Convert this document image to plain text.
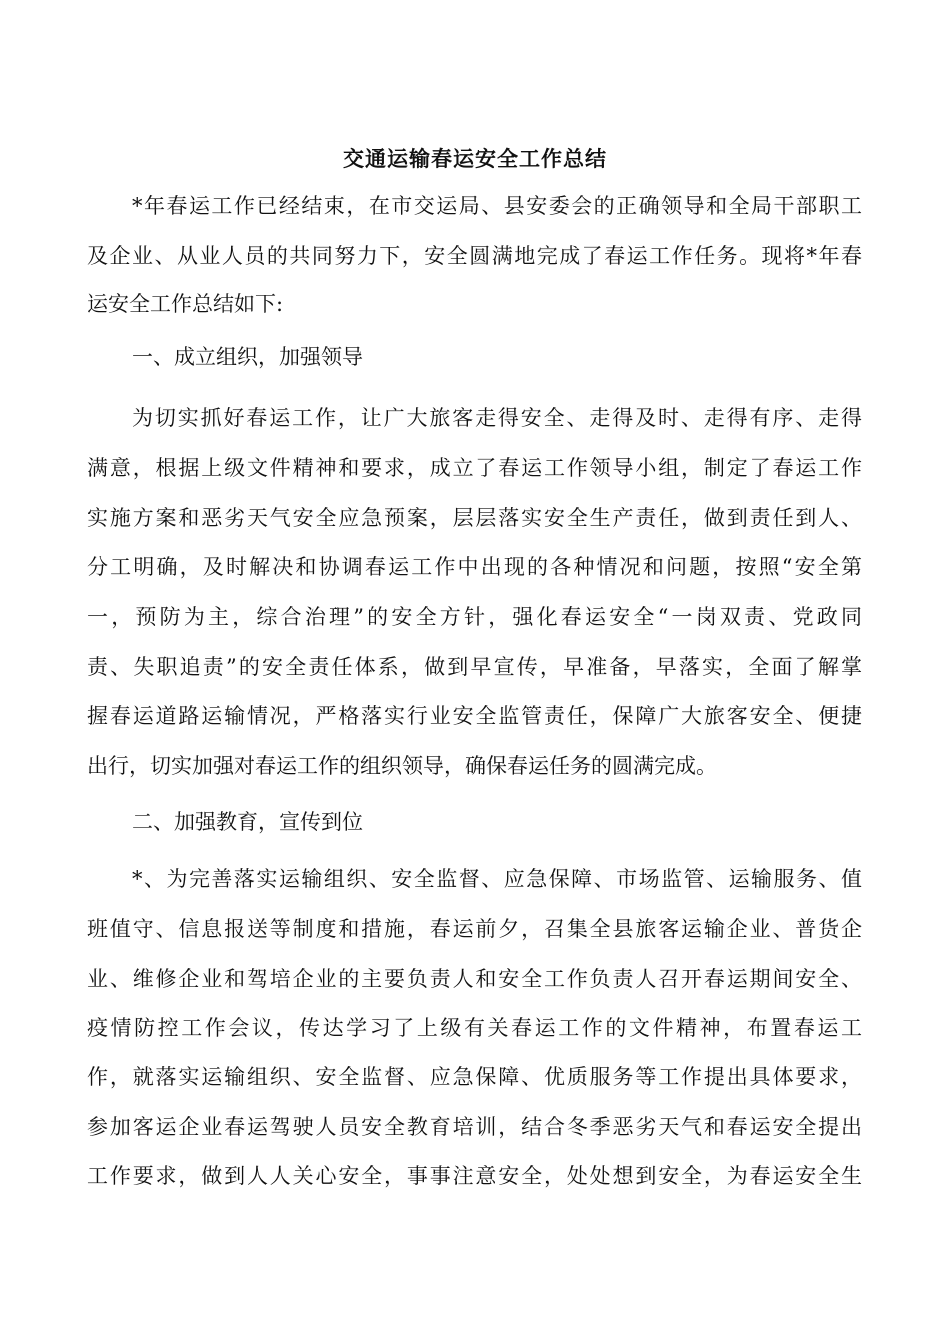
交通运输春运安全工作总结
*年春运工作已经结束，在市交运局、县安委会的正确领导和全局干部职工
及企业、从业人员的共同努力下，安全圆满地完成了春运工作任务。现将*年春
运安全工作总结如下:
一、成立组织，加强领导
为切实抓好春运工作，让广大旅客走得安全、走得及时、走得有序、走得
满意，根据上级文件精神和要求，成立了春运工作领导小组，制定了春运工作
实施方案和恶劣天气安全应急预案，层层落实安全生产责任，做到责任到人、
分工明确，及时解决和协调春运工作中出现的各种情况和问题，按照“安全第
一，预防为主，综合治理”的安全方针，强化春运安全“一岗双责、党政同
责、失职追责”的安全责任体系，做到早宣传，早准备，早落实，全面了解掌
握春运道路运输情况，严格落实行业安全监管责任，保障广大旅客安全、便捷
出行，切实加强对春运工作的组织领导，确保春运任务的圆满完成。
二、加强教育，宣传到位
*、为完善落实运输组织、安全监督、应急保障、市场监管、运输服务、值
班值守、信息报送等制度和措施，春运前夕，召集全县旅客运输企业、普货企
业、维修企业和驾培企业的主要负责人和安全工作负责人召开春运期间安全、
疫情防控工作会议，传达学习了上级有关春运工作的文件精神，布置春运工
作，就落实运输组织、安全监督、应急保障、优质服务等工作提出具体要求，
参加客运企业春运驾驶人员安全教育培训，结合冬季恶劣天气和春运安全提出
工作要求，做到人人关心安全，事事注意安全，处处想到安全，为春运安全生
